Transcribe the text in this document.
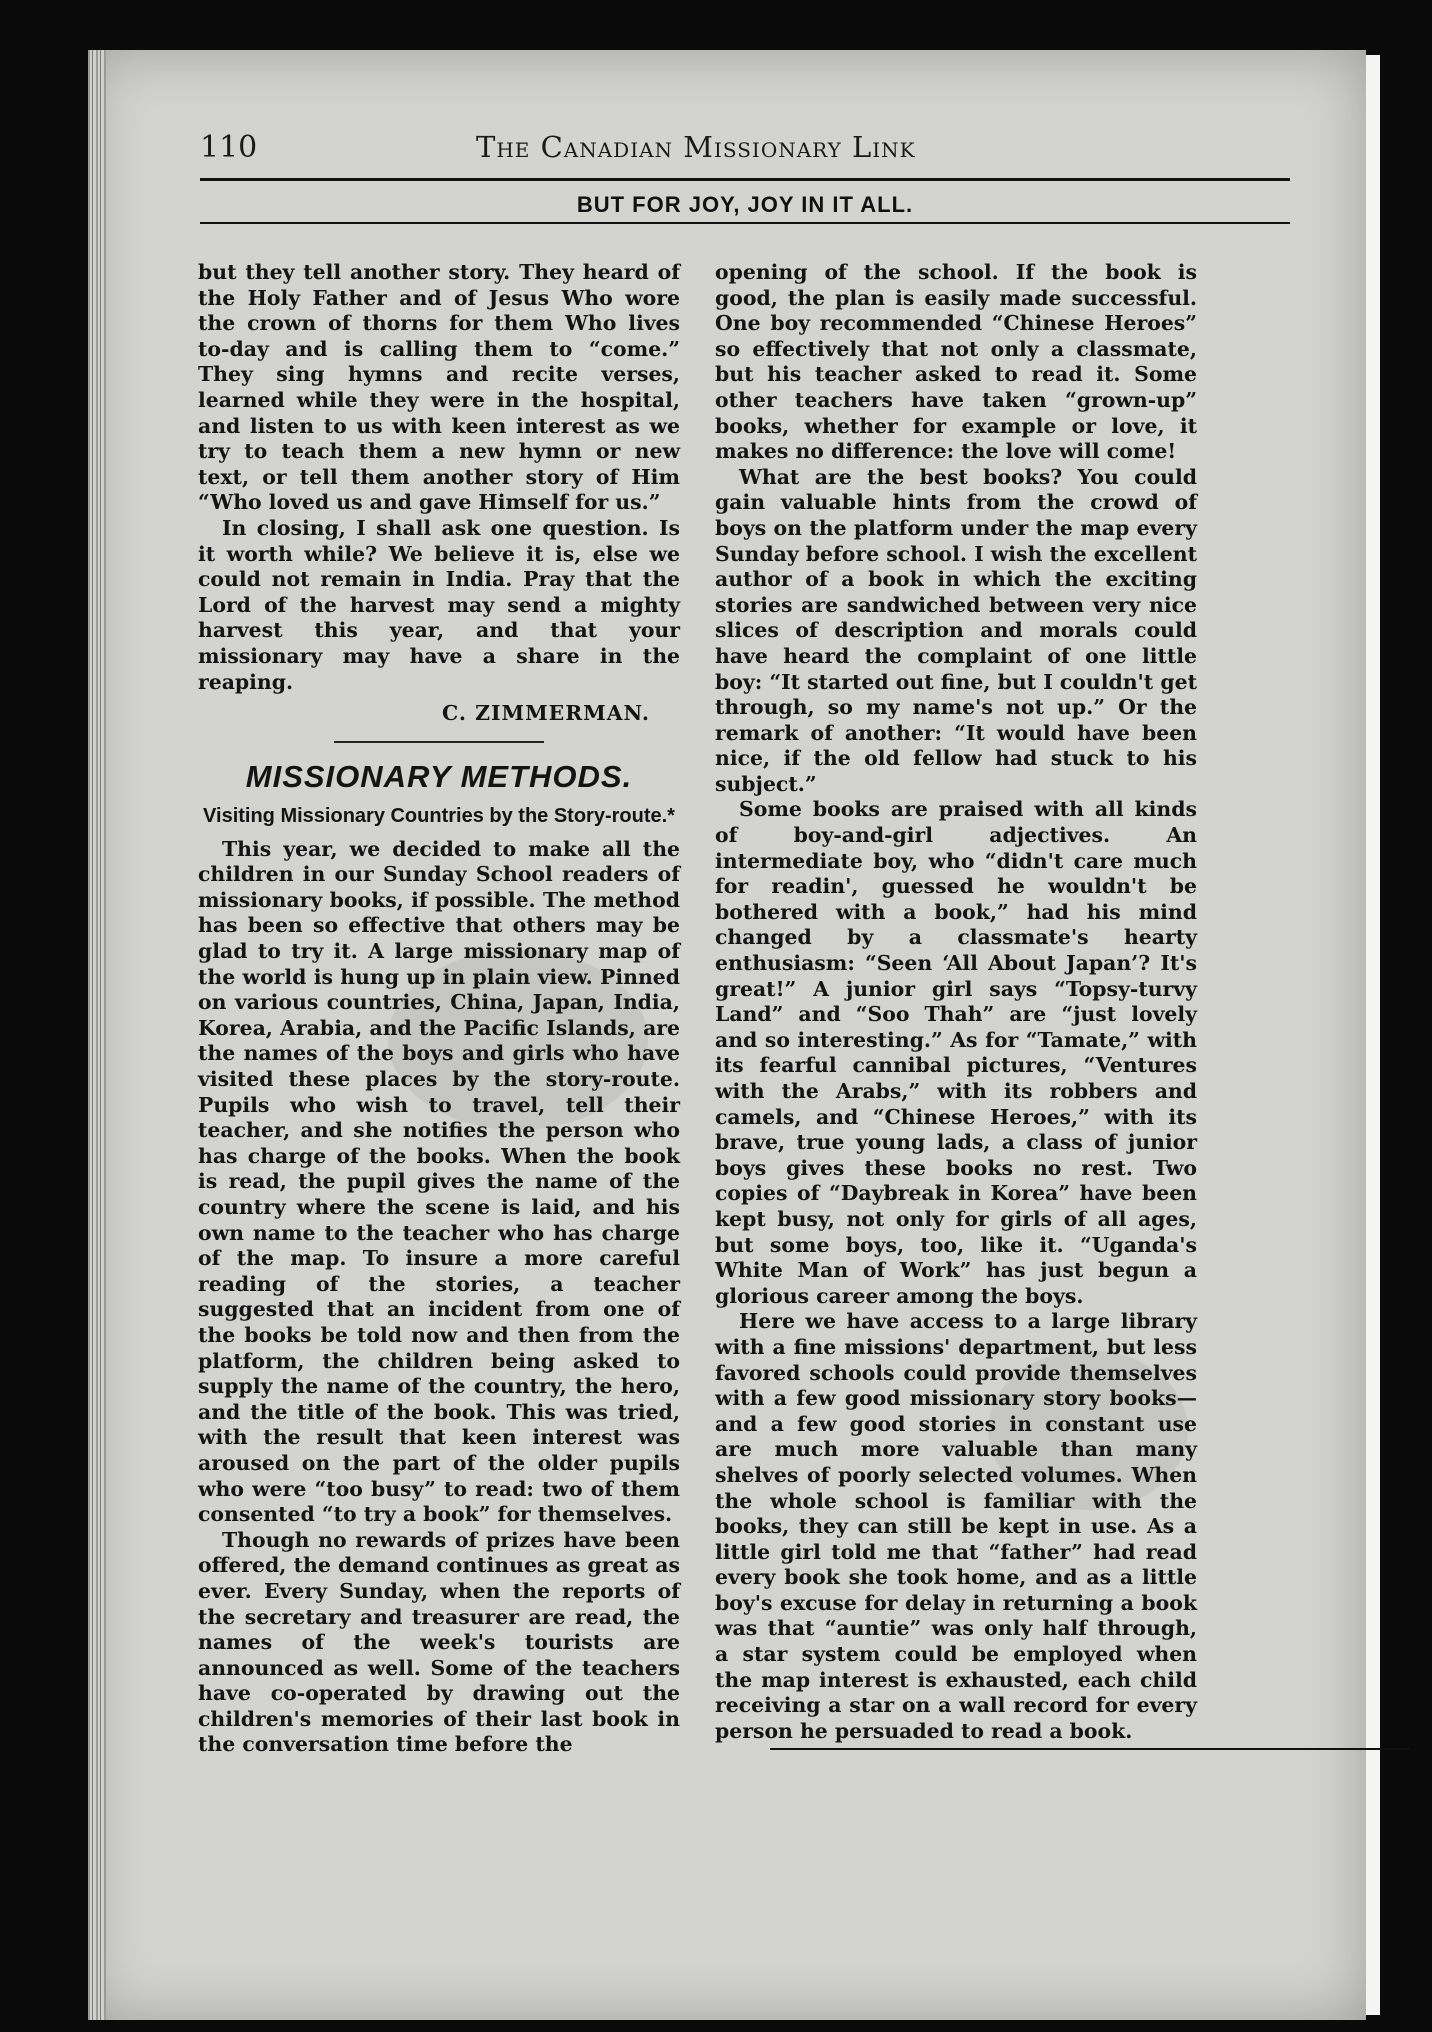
110	The Canadian Missionary Link
BUT FOR JOY, JOY IN IT ALL.

but they tell another story. They heard of the Holy Father and of Jesus Who wore the crown of thorns for them Who lives to-day and is calling them to “come.” They sing hymns and recite verses, learned while they were in the hospital, and listen to us with keen interest as we try to teach them a new hymn or new text, or tell them another story of Him “Who loved us and gave Himself for us.”

In closing, I shall ask one question. Is it worth while? We believe it is, else we could not remain in India. Pray that the Lord of the harvest may send a mighty harvest this year, and that your missionary may have a share in the reaping.

C. ZIMMERMAN.
MISSIONARY METHODS.
Visiting Missionary Countries by the Story-route.*

This year, we decided to make all the children in our Sunday School readers of missionary books, if possible. The method has been so effective that others may be glad to try it. A large missionary map of the world is hung up in plain view. Pinned on various countries, China, Japan, India, Korea, Arabia, and the Pacific Islands, are the names of the boys and girls who have visited these places by the story-route. Pupils who wish to travel, tell their teacher, and she notifies the person who has charge of the books. When the book is read, the pupil gives the name of the country where the scene is laid, and his own name to the teacher who has charge of the map. To insure a more careful reading of the stories, a teacher suggested that an incident from one of the books be told now and then from the platform, the children being asked to supply the name of the country, the hero, and the title of the book. This was tried, with the result that keen interest was aroused on the part of the older pupils who were “too busy” to read: two of them consented “to try a book” for themselves.

Though no rewards of prizes have been offered, the demand continues as great as ever. Every Sunday, when the reports of the secretary and treasurer are read, the names of the week's tourists are announced as well. Some of the teachers have co-operated by drawing out the children's memories of their last book in the conversation time before the

opening of the school. If the book is good, the plan is easily made successful. One boy recommended “Chinese Heroes” so effectively that not only a classmate, but his teacher asked to read it. Some other teachers have taken “grown-up” books, whether for example or love, it makes no difference: the love will come!

What are the best books? You could gain valuable hints from the crowd of boys on the platform under the map every Sunday before school. I wish the excellent author of a book in which the exciting stories are sandwiched between very nice slices of description and morals could have heard the complaint of one little boy: “It started out fine, but I couldn't get through, so my name's not up.” Or the remark of another: “It would have been nice, if the old fellow had stuck to his subject.”

Some books are praised with all kinds of boy-and-girl adjectives. An intermediate boy, who “didn't care much for readin', guessed he wouldn't be bothered with a book,” had his mind changed by a classmate's hearty enthusiasm: “Seen ‘All About Japan’? It's great!” A junior girl says “Topsy-turvy Land” and “Soo Thah” are “just lovely and so interesting.” As for “Tamate,” with its fearful cannibal pictures, “Ventures with the Arabs,” with its robbers and camels, and “Chinese Heroes,” with its brave, true young lads, a class of junior boys gives these books no rest. Two copies of “Daybreak in Korea” have been kept busy, not only for girls of all ages, but some boys, too, like it. “Uganda's White Man of Work” has just begun a glorious career among the boys.

Here we have access to a large library with a fine missions' department, but less favored schools could provide themselves with a few good missionary story books—and a few good stories in constant use are much more valuable than many shelves of poorly selected volumes. When the whole school is familiar with the books, they can still be kept in use. As a little girl told me that “father” had read every book she took home, and as a little boy's excuse for delay in returning a book was that “auntie” was only half through, a star system could be employed when the map interest is exhausted, each child receiving a star on a wall record for every person he persuaded to read a book.
